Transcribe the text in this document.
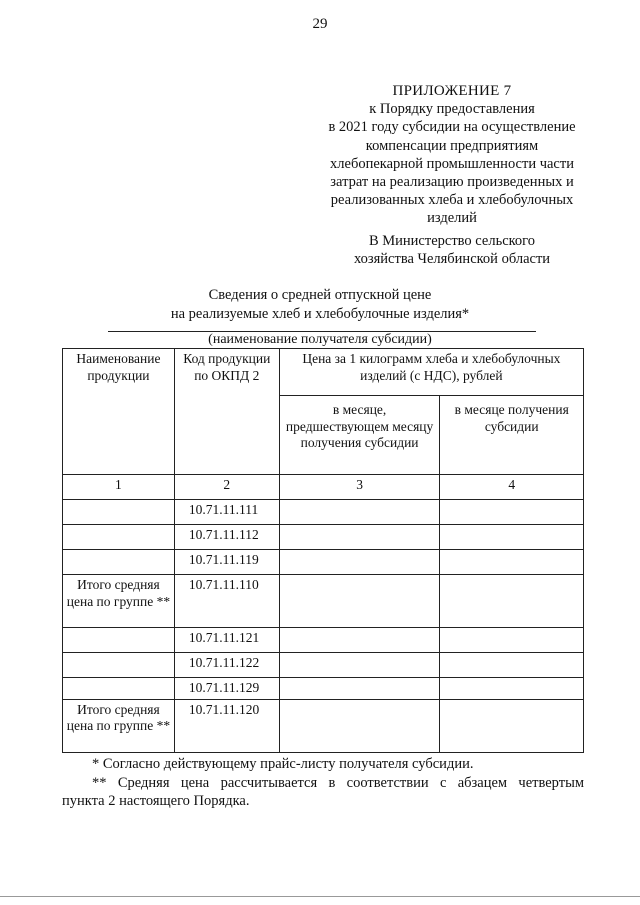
29
ПРИЛОЖЕНИЕ 7
к Порядку предоставления
в 2021 году субсидии на осуществление
компенсации предприятиям
хлебопекарной промышленности части
затрат на реализацию произведенных и
реализованных хлеба и хлебобулочных
изделий
В Министерство сельского
хозяйства Челябинской области
Сведения о средней отпускной цене
на реализуемые хлеб и хлебобулочные изделия*
(наименование получателя субсидии)
Наименование продукции	Код продукции по ОКПД 2	Цена за 1 килограмм хлеба и хлебобулочных изделий (с НДС), рублей	
		в месяце, предшествующем месяцу получения субсидии	в месяце получения субсидии
1	2	3	4
	10.71.11.111		
	10.71.11.112		
	10.71.11.119		
Итого средняя цена по группе **	10.71.11.110		
	10.71.11.121		
	10.71.11.122		
	10.71.11.129		
Итого средняя цена по группе **	10.71.11.120		

* Согласно действующему прайс-листу получателя субсидии.

** Средняя цена рассчитывается в соответствии с абзацем четвертым

пункта 2 настоящего Порядка.
